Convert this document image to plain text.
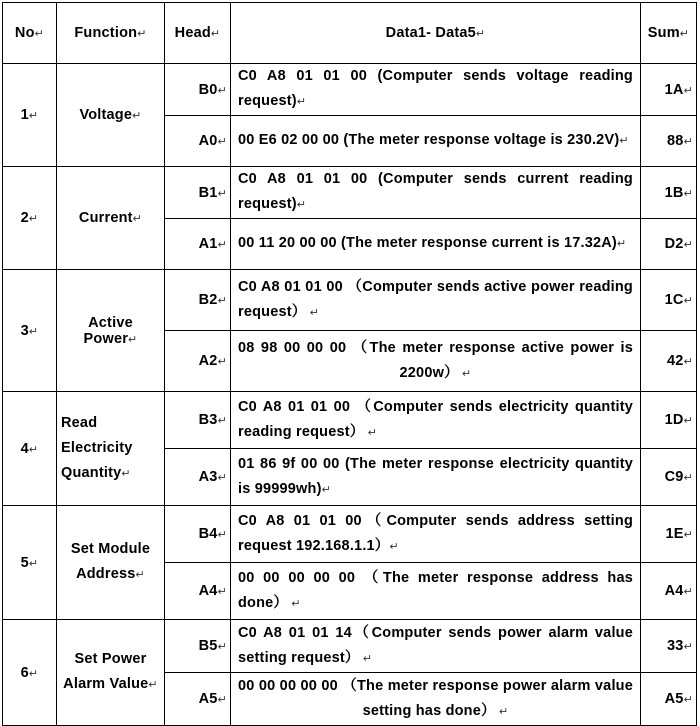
No↵	Function↵	Head↵	Data1- Data5↵	Sum↵
1↵	Voltage↵	B0↵	C0 A8 01 01 00 (Computer sends voltage reading request)↵	1A↵
		A0↵	00 E6 02 00 00 (The meter response voltage is 230.2V)↵	88↵
2↵	Current↵	B1↵	C0 A8 01 01 00 (Computer sends current reading request)↵	1B↵
		A1↵	00 11 20 00 00 (The meter response current is 17.32A)↵	D2↵
3↵	Active Power↵	B2↵	C0 A8 01 01 00 （Computer sends active power reading request） ↵	1C↵
		A2↵	08 98 00 00 00 （The meter response active power is 2200w） ↵	42↵
4↵	Read Electricity Quantity↵	B3↵	C0 A8 01 01 00 （Computer sends electricity quantity reading request） ↵	1D↵
		A3↵	01 86 9f 00 00 (The meter response electricity quantity is 99999wh)↵	C9↵
5↵	Set Module Address↵	B4↵	C0 A8 01 01 00（Computer sends address setting request 192.168.1.1）↵	1E↵
		A4↵	00 00 00 00 00 （The meter response address has done） ↵	A4↵
6↵	Set Power Alarm Value↵	B5↵	C0 A8 01 01 14（Computer sends power alarm value setting request） ↵	33↵
		A5↵	00 00 00 00 00 （The meter response power alarm value setting has done） ↵	A5↵
